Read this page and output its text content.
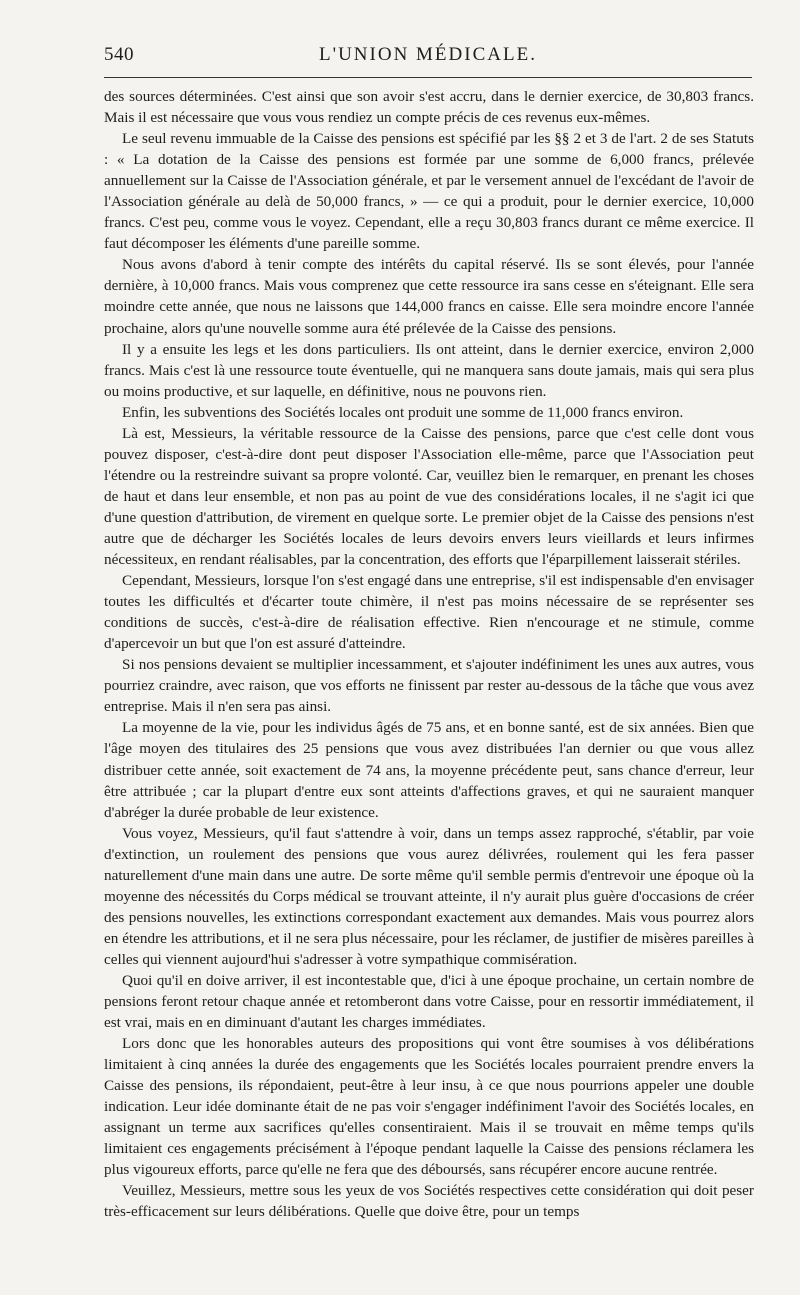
540	L'UNION MÉDICALE.

des sources déterminées. C'est ainsi que son avoir s'est accru, dans le dernier exercice, de 30,803 francs. Mais il est nécessaire que vous vous rendiez un compte précis de ces revenus eux-mêmes.

Le seul revenu immuable de la Caisse des pensions est spécifié par les §§ 2 et 3 de l'art. 2 de ses Statuts : « La dotation de la Caisse des pensions est formée par une somme de 6,000 francs, prélevée annuellement sur la Caisse de l'Association générale, et par le versement annuel de l'excédant de l'avoir de l'Association générale au delà de 50,000 francs, » — ce qui a produit, pour le dernier exercice, 10,000 francs. C'est peu, comme vous le voyez. Cependant, elle a reçu 30,803 francs durant ce même exercice. Il faut décomposer les éléments d'une pareille somme.

Nous avons d'abord à tenir compte des intérêts du capital réservé. Ils se sont élevés, pour l'année dernière, à 10,000 francs. Mais vous comprenez que cette ressource ira sans cesse en s'éteignant. Elle sera moindre cette année, que nous ne laissons que 144,000 francs en caisse. Elle sera moindre encore l'année prochaine, alors qu'une nouvelle somme aura été prélevée de la Caisse des pensions.

Il y a ensuite les legs et les dons particuliers. Ils ont atteint, dans le dernier exercice, environ 2,000 francs. Mais c'est là une ressource toute éventuelle, qui ne manquera sans doute jamais, mais qui sera plus ou moins productive, et sur laquelle, en définitive, nous ne pouvons rien.

Enfin, les subventions des Sociétés locales ont produit une somme de 11,000 francs environ.

Là est, Messieurs, la véritable ressource de la Caisse des pensions, parce que c'est celle dont vous pouvez disposer, c'est-à-dire dont peut disposer l'Association elle-même, parce que l'Association peut l'étendre ou la restreindre suivant sa propre volonté. Car, veuillez bien le remarquer, en prenant les choses de haut et dans leur ensemble, et non pas au point de vue des considérations locales, il ne s'agit ici que d'une question d'attribution, de virement en quelque sorte. Le premier objet de la Caisse des pensions n'est autre que de décharger les Sociétés locales de leurs devoirs envers leurs vieillards et leurs infirmes nécessiteux, en rendant réalisables, par la concentration, des efforts que l'éparpillement laisserait stériles.

Cependant, Messieurs, lorsque l'on s'est engagé dans une entreprise, s'il est indispensable d'en envisager toutes les difficultés et d'écarter toute chimère, il n'est pas moins nécessaire de se représenter ses conditions de succès, c'est-à-dire de réalisation effective. Rien n'encourage et ne stimule, comme d'apercevoir un but que l'on est assuré d'atteindre.

Si nos pensions devaient se multiplier incessamment, et s'ajouter indéfiniment les unes aux autres, vous pourriez craindre, avec raison, que vos efforts ne finissent par rester au-dessous de la tâche que vous avez entreprise. Mais il n'en sera pas ainsi.

La moyenne de la vie, pour les individus âgés de 75 ans, et en bonne santé, est de six années. Bien que l'âge moyen des titulaires des 25 pensions que vous avez distribuées l'an dernier ou que vous allez distribuer cette année, soit exactement de 74 ans, la moyenne précédente peut, sans chance d'erreur, leur être attribuée ; car la plupart d'entre eux sont atteints d'affections graves, et qui ne sauraient manquer d'abréger la durée probable de leur existence.

Vous voyez, Messieurs, qu'il faut s'attendre à voir, dans un temps assez rapproché, s'établir, par voie d'extinction, un roulement des pensions que vous aurez délivrées, roulement qui les fera passer naturellement d'une main dans une autre. De sorte même qu'il semble permis d'entrevoir une époque où la moyenne des nécessités du Corps médical se trouvant atteinte, il n'y aurait plus guère d'occasions de créer des pensions nouvelles, les extinctions correspondant exactement aux demandes. Mais vous pourrez alors en étendre les attributions, et il ne sera plus nécessaire, pour les réclamer, de justifier de misères pareilles à celles qui viennent aujourd'hui s'adresser à votre sympathique commisération.

Quoi qu'il en doive arriver, il est incontestable que, d'ici à une époque prochaine, un certain nombre de pensions feront retour chaque année et retomberont dans votre Caisse, pour en ressortir immédiatement, il est vrai, mais en en diminuant d'autant les charges immédiates.

Lors donc que les honorables auteurs des propositions qui vont être soumises à vos délibérations limitaient à cinq années la durée des engagements que les Sociétés locales pourraient prendre envers la Caisse des pensions, ils répondaient, peut-être à leur insu, à ce que nous pourrions appeler une double indication. Leur idée dominante était de ne pas voir s'engager indéfiniment l'avoir des Sociétés locales, en assignant un terme aux sacrifices qu'elles consentiraient. Mais il se trouvait en même temps qu'ils limitaient ces engagements précisément à l'époque pendant laquelle la Caisse des pensions réclamera les plus vigoureux efforts, parce qu'elle ne fera que des déboursés, sans récupérer encore aucune rentrée.

Veuillez, Messieurs, mettre sous les yeux de vos Sociétés respectives cette considération qui doit peser très-efficacement sur leurs délibérations. Quelle que doive être, pour un temps
